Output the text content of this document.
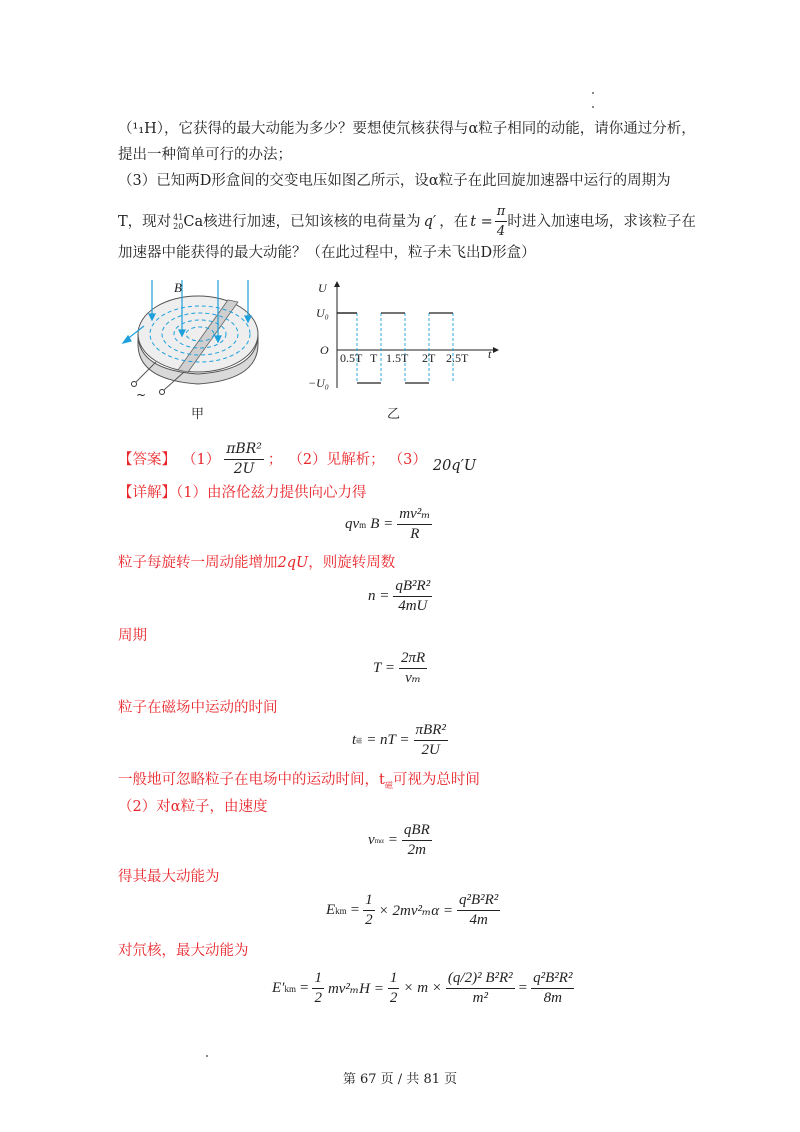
（¹₁H），它获得的最大动能为多少？要想使氘核获得与α粒子相同的动能，请你通过分析，
提出一种简单可行的办法；
（3）已知两D形盒间的交变电压如图乙所示，设α粒子在此回旋加速器中运行的周期为
T，现对 41
20 Ca 核进行加速，已知该核的电荷量为 q′ ，在 $t = \frac{\pi}{4}$ 时进入加速电场，求该粒子在
加速器中能获得的最大动能？（在此过程中，粒子未飞出D形盒）
B
~
甲
U
U₀
O
−U₀
t
0.5T T 1.5T 2T 2.5T
乙
【答案】 $(1) \frac{\text{πBR²}}{2U}$ ； （2）见解析； （3） 20q′U
【详解】（1）由洛伦兹力提供向心力得
qv m $B = \frac{\text{mv²ₘ}}{R}$
粒子每旋转一周动能增加2qU，则旋转周数
$n = \frac{\text{qB²R²}}{4mU}$
周期
$T = \frac{2\pi R}{\text{vₘ}}$
粒子在磁场中运动的时间
t 磁 = nT = $\frac{\text{πBR²}}{2U}$
一般地可忽略粒子在电场中的运动时间，$t_磁$可视为总时间
（2）对α粒子，由速度
v $m\alpha = \frac{\text{qBR}}{2m}$
得其最大动能为
E km = $\frac{1}{2} \times 2mv^2_m\alpha = \frac{\text{q²B²R²}}{4m}$
对氘核，最大动能为
E′ km = $\frac{1}{2} mv^2_mH = \frac{1}{2} \times m \times \frac{\text{(q/2)² B²R²}}{\text{m²}} = \frac{\text{q²B²R²}}{8m}$
第 67 页 / 共 81 页
